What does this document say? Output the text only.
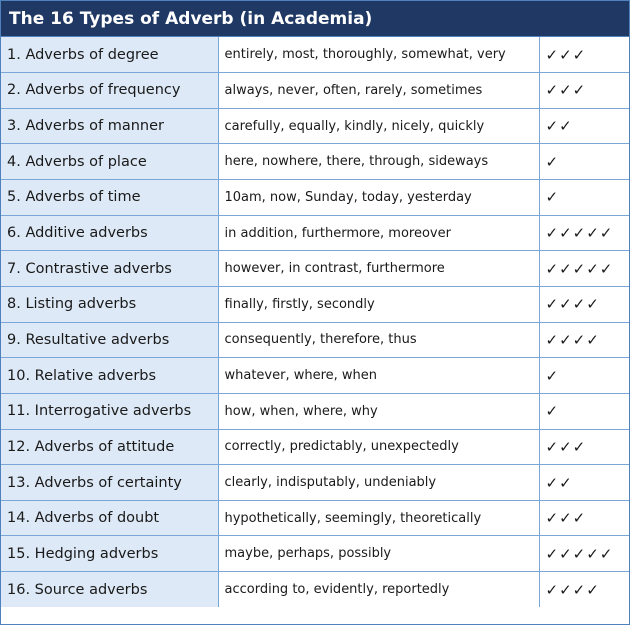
The 16 Types of Adverb (in Academia)
1. Adverbs of degree	entirely, most, thoroughly, somewhat, very	✓✓✓
2. Adverbs of frequency	always, never, often, rarely, sometimes	✓✓✓
3. Adverbs of manner	carefully, equally, kindly, nicely, quickly	✓✓
4. Adverbs of place	here, nowhere, there, through, sideways	✓
5. Adverbs of time	10am, now, Sunday, today, yesterday	✓
6. Additive adverbs	in addition, furthermore, moreover	✓✓✓✓✓
7. Contrastive adverbs	however, in contrast, furthermore	✓✓✓✓✓
8. Listing adverbs	finally, firstly, secondly	✓✓✓✓
9. Resultative adverbs	consequently, therefore, thus	✓✓✓✓
10. Relative adverbs	whatever, where, when	✓
11. Interrogative adverbs	how, when, where, why	✓
12. Adverbs of attitude	correctly, predictably, unexpectedly	✓✓✓
13. Adverbs of certainty	clearly, indisputably, undeniably	✓✓
14. Adverbs of doubt	hypothetically, seemingly, theoretically	✓✓✓
15. Hedging adverbs	maybe, perhaps, possibly	✓✓✓✓✓
16. Source adverbs	according to, evidently, reportedly	✓✓✓✓
